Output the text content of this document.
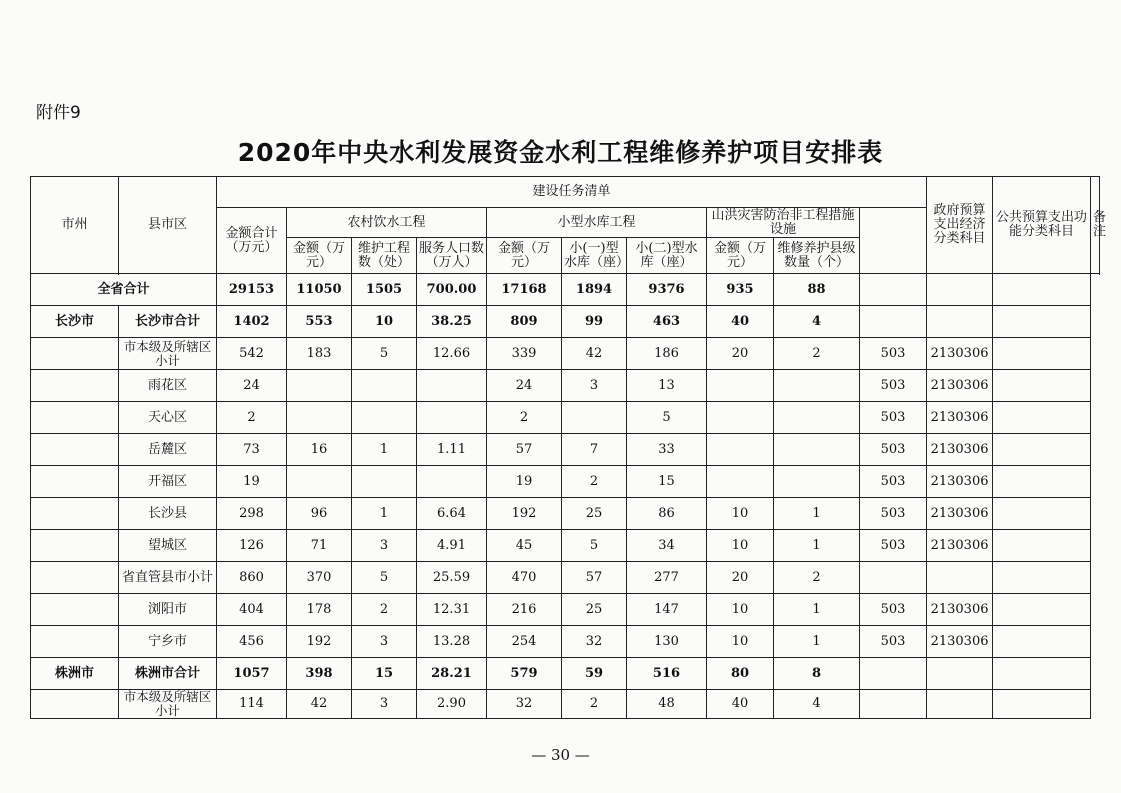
附件9
2020年中央水利发展资金水利工程维修养护项目安排表
市州	县市区	建设任务清单										政府预算支出经济分类科目	公共预算支出功能分类科目	备注
		金额合计（万元）	农村饮水工程			小型水库工程			山洪灾害防治非工程措施设施					
			金额（万元）	维护工程数（处）	服务人口数（万人）	金额（万元）	小(一)型水库（座）	小(二)型水库（座）	金额（万元）	维修养护县级数量（个）				

全省合计		29153	11050	1505	700.00	17168	1894	9376	935	88				
长沙市	长沙市合计	1402	553	10	38.25	809	99	463	40	4				
	市本级及所辖区小计	542	183	5	12.66	339	42	186	20	2	503	2130306		
	雨花区	24				24	3	13			503	2130306		
	天心区	2				2		5			503	2130306		
	岳麓区	73	16	1	1.11	57	7	33			503	2130306		
	开福区	19				19	2	15			503	2130306		
	长沙县	298	96	1	6.64	192	25	86	10	1	503	2130306		
	望城区	126	71	3	4.91	45	5	34	10	1	503	2130306		
	省直管县市小计	860	370	5	25.59	470	57	277	20	2				
	浏阳市	404	178	2	12.31	216	25	147	10	1	503	2130306		
	宁乡市	456	192	3	13.28	254	32	130	10	1	503	2130306		
株洲市	株洲市合计	1057	398	15	28.21	579	59	516	80	8				
	市本级及所辖区小计	114	42	3	2.90	32	2	48	40	4				
— 30 —
